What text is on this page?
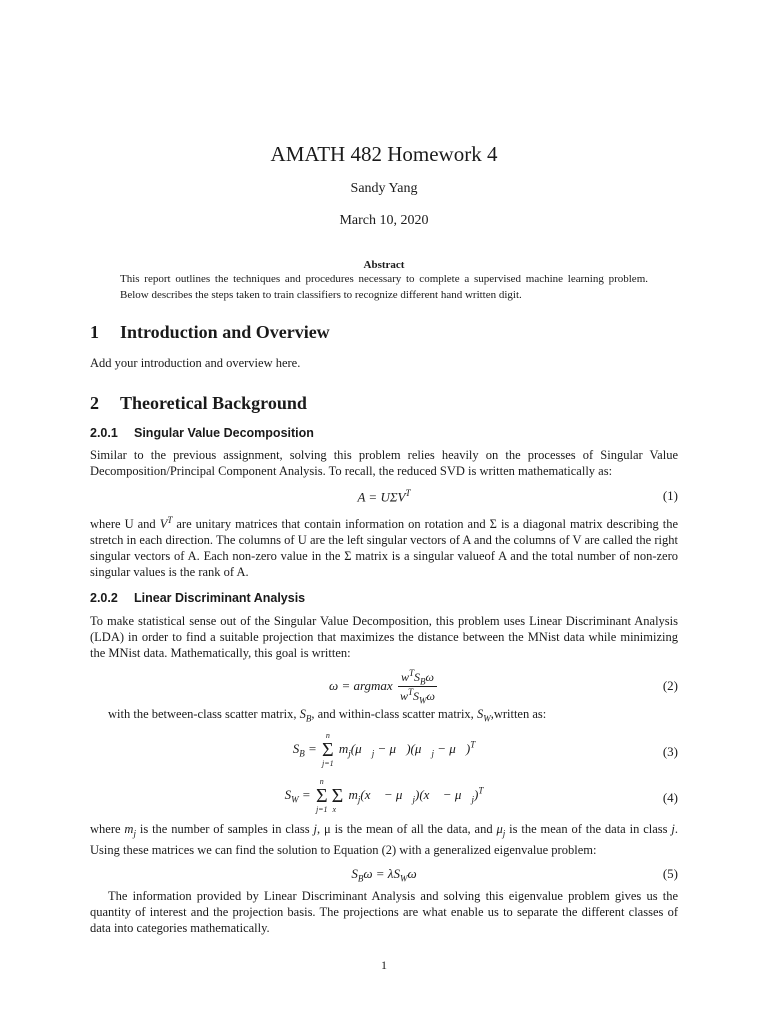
AMATH 482 Homework 4
Sandy Yang
March 10, 2020
Abstract
This report outlines the techniques and procedures necessary to complete a supervised machine learning problem. Below describes the steps taken to train classifiers to recognize different hand written digit.
1 Introduction and Overview
Add your introduction and overview here.
2 Theoretical Background
2.0.1 Singular Value Decomposition
Similar to the previous assignment, solving this problem relies heavily on the processes of Singular Value Decomposition/Principal Component Analysis. To recall, the reduced SVD is written mathematically as:
$A = U\Sigma V^T$	(1)
where U and $V^T$ are unitary matrices that contain information on rotation and Σ is a diagonal matrix describing the stretch in each direction. The columns of U are the left singular vectors of A and the columns of V are called the right singular vectors of A. Each non-zero value in the Σ matrix is a singular valueof A and the total number of non-zero singular values is the rank of A.
2.0.2 Linear Discriminant Analysis
To make statistical sense out of the Singular Value Decomposition, this problem uses Linear Discriminant Analysis (LDA) in order to find a suitable projection that maximizes the distance between the MNist data while minimizing the MNist data. Mathematically, this goal is written:
ω = argmax $\frac{w^TS_B\omega}{w^TS_W\omega}$	(2)
with the between-class scatter matrix, $S_B$, and within-class scatter matrix, $S_W,written$ as:
$S_B$ =
n
Σ
j=1
$m_j(\mu⃗_j$ − $\mu⃗)(\mu⃗_j$ − μ⃗)$^T$	(3)
$S_W$ =
n
Σ
j=1

Σ
x⃗
$m_j(x⃗$ − $\mu⃗_j)(x⃗$ − $\mu⃗_j)^T$	(4)
where $m_j$ is the number of samples in class j, μ is the mean of all the data, and $\mu_j$ is the mean of the data in class j. Using these matrices we can find the solution to Equation (2) with a generalized eigenvalue problem:
$S_B\omega = \lambda S_W\omega$	(5)
The information provided by Linear Discriminant Analysis and solving this eigenvalue problem gives us the quantity of interest and the projection basis. The projections are what enable us to separate the different classes of data into categories mathematically.
1
